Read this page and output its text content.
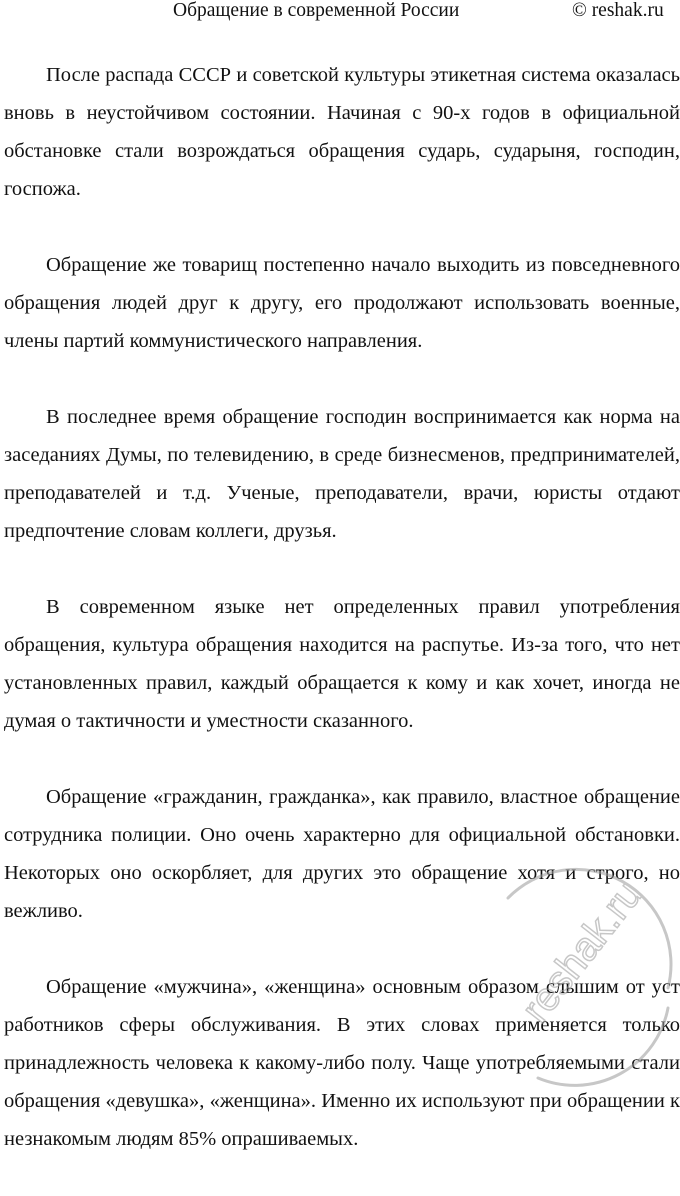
Обращение в современной России	© reshak.ru

После распада СССР и советской культуры этикетная система оказалась вновь в неустойчивом состоянии. Начиная с 90-х годов в официальной обстановке стали возрождаться обращения сударь, сударыня, господин, госпожа.

Обращение же товарищ постепенно начало выходить из повседневного обращения людей друг к другу, его продолжают использовать военные, члены партий коммунистического направления.

В последнее время обращение господин воспринимается как норма на заседаниях Думы, по телевидению, в среде бизнесменов, предпринимателей, преподавателей и т.д. Ученые, преподаватели, врачи, юристы отдают предпочтение словам коллеги, друзья.

В современном языке нет определенных правил употребления обращения, культура обращения находится на распутье. Из-за того, что нет установленных правил, каждый обращается к кому и как хочет, иногда не думая о тактичности и уместности сказанного.

Обращение «гражданин, гражданка», как правило, властное обращение сотрудника полиции. Оно очень характерно для официальной обстановки. Некоторых оно оскорбляет, для других это обращение хотя и строго, но вежливо.

Обращение «мужчина», «женщина» основным образом слышим от уст работников сферы обслуживания. В этих словах применяется только принадлежность человека к какому-либо полу. Чаще употребляемыми стали обращения «девушка», «женщина». Именно их используют при обращении к незнакомым людям 85% опрашиваемых.

reshak.ru
